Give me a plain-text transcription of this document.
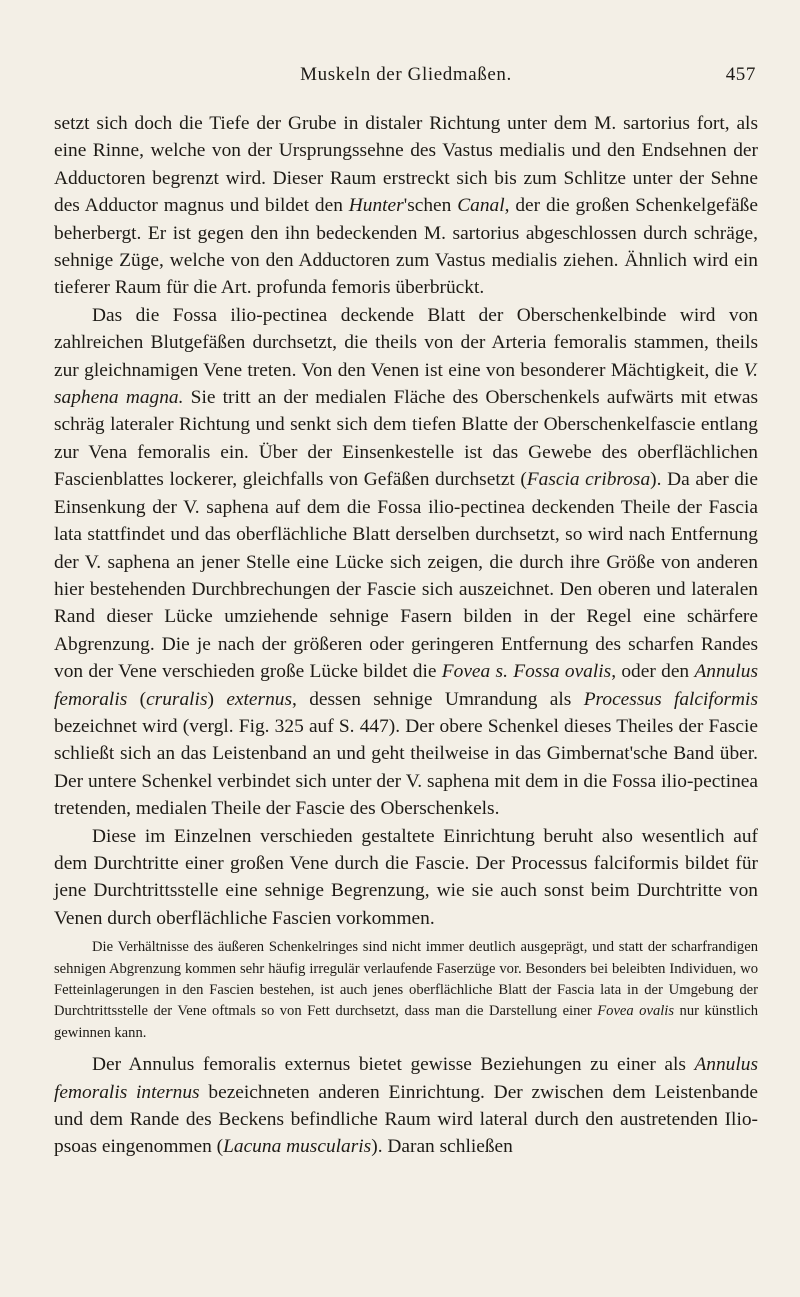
Muskeln der Gliedmaßen.	457

setzt sich doch die Tiefe der Grube in distaler Richtung unter dem M. sartorius fort, als eine Rinne, welche von der Ursprungssehne des Vastus medialis und den Endsehnen der Adductoren begrenzt wird. Dieser Raum erstreckt sich bis zum Schlitze unter der Sehne des Adductor magnus und bildet den Hunter'schen Canal, der die großen Schenkelgefäße beherbergt. Er ist gegen den ihn bedeckenden M. sartorius abgeschlossen durch schräge, sehnige Züge, welche von den Adductoren zum Vastus medialis ziehen. Ähnlich wird ein tieferer Raum für die Art. profunda femoris überbrückt.

Das die Fossa ilio-pectinea deckende Blatt der Oberschenkelbinde wird von zahlreichen Blutgefäßen durchsetzt, die theils von der Arteria femoralis stammen, theils zur gleichnamigen Vene treten. Von den Venen ist eine von besonderer Mächtigkeit, die V. saphena magna. Sie tritt an der medialen Fläche des Oberschenkels aufwärts mit etwas schräg lateraler Richtung und senkt sich dem tiefen Blatte der Oberschenkelfascie entlang zur Vena femoralis ein. Über der Einsenkestelle ist das Gewebe des oberflächlichen Fascienblattes lockerer, gleichfalls von Gefäßen durchsetzt (Fascia cribrosa). Da aber die Einsenkung der V. saphena auf dem die Fossa ilio-pectinea deckenden Theile der Fascia lata stattfindet und das oberflächliche Blatt derselben durchsetzt, so wird nach Entfernung der V. saphena an jener Stelle eine Lücke sich zeigen, die durch ihre Größe von anderen hier bestehenden Durchbrechungen der Fascie sich auszeichnet. Den oberen und lateralen Rand dieser Lücke umziehende sehnige Fasern bilden in der Regel eine schärfere Abgrenzung. Die je nach der größeren oder geringeren Entfernung des scharfen Randes von der Vene verschieden große Lücke bildet die Fovea s. Fossa ovalis, oder den Annulus femoralis (cruralis) externus, dessen sehnige Umrandung als Processus falciformis bezeichnet wird (vergl. Fig. 325 auf S. 447). Der obere Schenkel dieses Theiles der Fascie schließt sich an das Leistenband an und geht theilweise in das Gimbernat'sche Band über. Der untere Schenkel verbindet sich unter der V. saphena mit dem in die Fossa ilio-pectinea tretenden, medialen Theile der Fascie des Oberschenkels.

Diese im Einzelnen verschieden gestaltete Einrichtung beruht also wesentlich auf dem Durchtritte einer großen Vene durch die Fascie. Der Processus falciformis bildet für jene Durchtrittsstelle eine sehnige Begrenzung, wie sie auch sonst beim Durchtritte von Venen durch oberflächliche Fascien vorkommen.

Die Verhältnisse des äußeren Schenkelringes sind nicht immer deutlich ausgeprägt, und statt der scharfrandigen sehnigen Abgrenzung kommen sehr häufig irregulär verlaufende Faserzüge vor. Besonders bei beleibten Individuen, wo Fetteinlagerungen in den Fascien bestehen, ist auch jenes oberflächliche Blatt der Fascia lata in der Umgebung der Durchtrittsstelle der Vene oftmals so von Fett durchsetzt, dass man die Darstellung einer Fovea ovalis nur künstlich gewinnen kann.

Der Annulus femoralis externus bietet gewisse Beziehungen zu einer als Annulus femoralis internus bezeichneten anderen Einrichtung. Der zwischen dem Leistenbande und dem Rande des Beckens befindliche Raum wird lateral durch den austretenden Ilio-psoas eingenommen (Lacuna muscularis). Daran schließen
